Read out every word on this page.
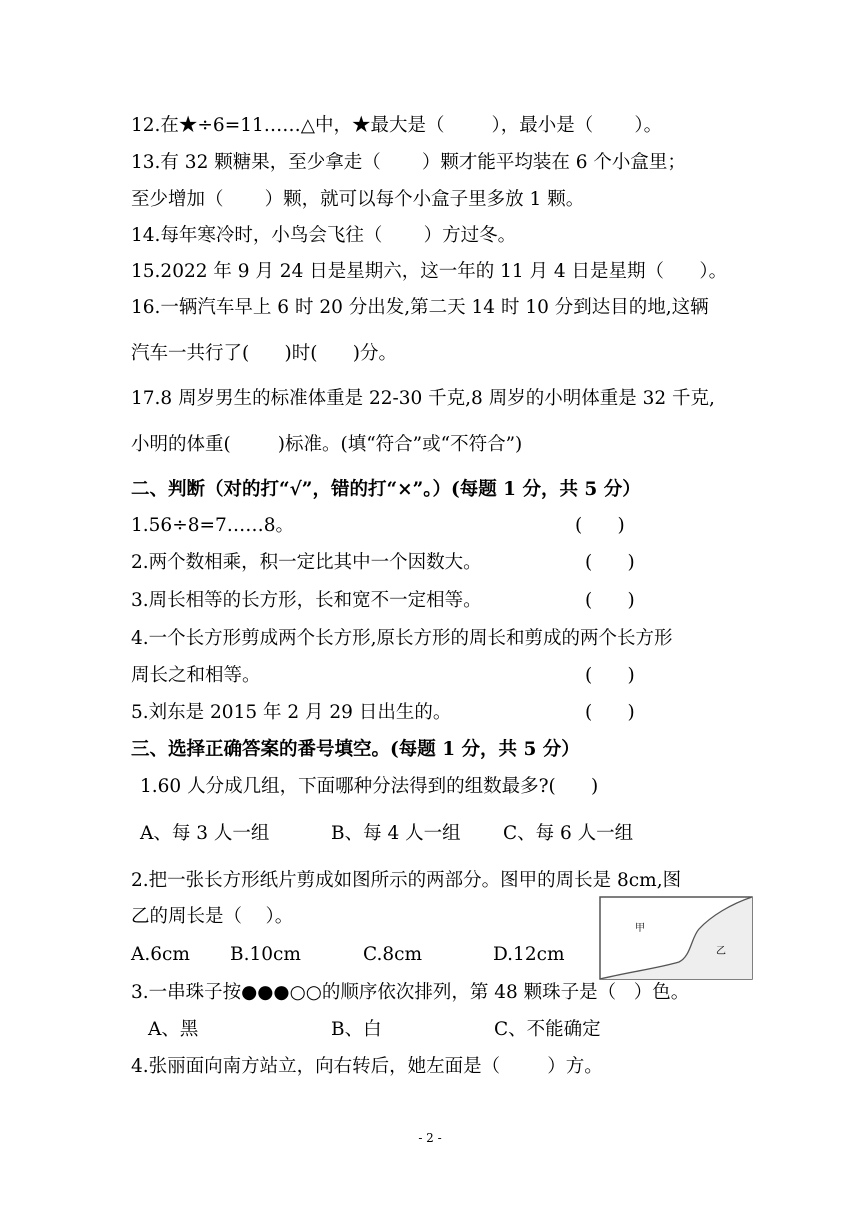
12.在★÷6=11……△中，★最大是（        ），最小是（       ）。
13.有 32 颗糖果，至少拿走（       ）颗才能平均装在 6 个小盒里；
至少增加（       ）颗，就可以每个小盒子里多放 1 颗。
14.每年寒冷时，小鸟会飞往（       ）方过冬。
15.2022 年 9 月 24 日是星期六，这一年的 11 月 4 日是星期（      ）。
16.一辆汽车早上 6 时 20 分出发,第二天 14 时 10 分到达目的地,这辆
汽车一共行了(      )时(      )分。
17.8 周岁男生的标准体重是 22-30 千克,8 周岁的小明体重是 32 千克,
小明的体重(        )标准。(填“符合”或“不符合”)
二、判断（对的打“√”，错的打“×”。）(每题 1 分，共 5 分）
1.56÷8=7……8。	(      )
2.两个数相乘，积一定比其中一个因数大。	(      )
3.周长相等的长方形，长和宽不一定相等。	(      )
4.一个长方形剪成两个长方形,原长方形的周长和剪成的两个长方形
周长之和相等。	(      )
5.刘东是 2015 年 2 月 29 日出生的。	(      )
三、选择正确答案的番号填空。(每题 1 分，共 5 分）
1.60 人分成几组，下面哪种分法得到的组数最多?(      )
A、每 3 人一组	B、每 4 人一组 C、每 6 人一组
2.把一张长方形纸片剪成如图所示的两部分。图甲的周长是 8cm,图
乙的周长是（    ）。
A.6cm B.10cm	C.8cm	D.12cm
甲
乙
3.一串珠子按●●●○○的顺序依次排列，第 48 颗珠子是（   ）色。
A、黑	B、白	C、不能确定
4.张丽面向南方站立，向右转后，她左面是（        ）方。
- 2 -
